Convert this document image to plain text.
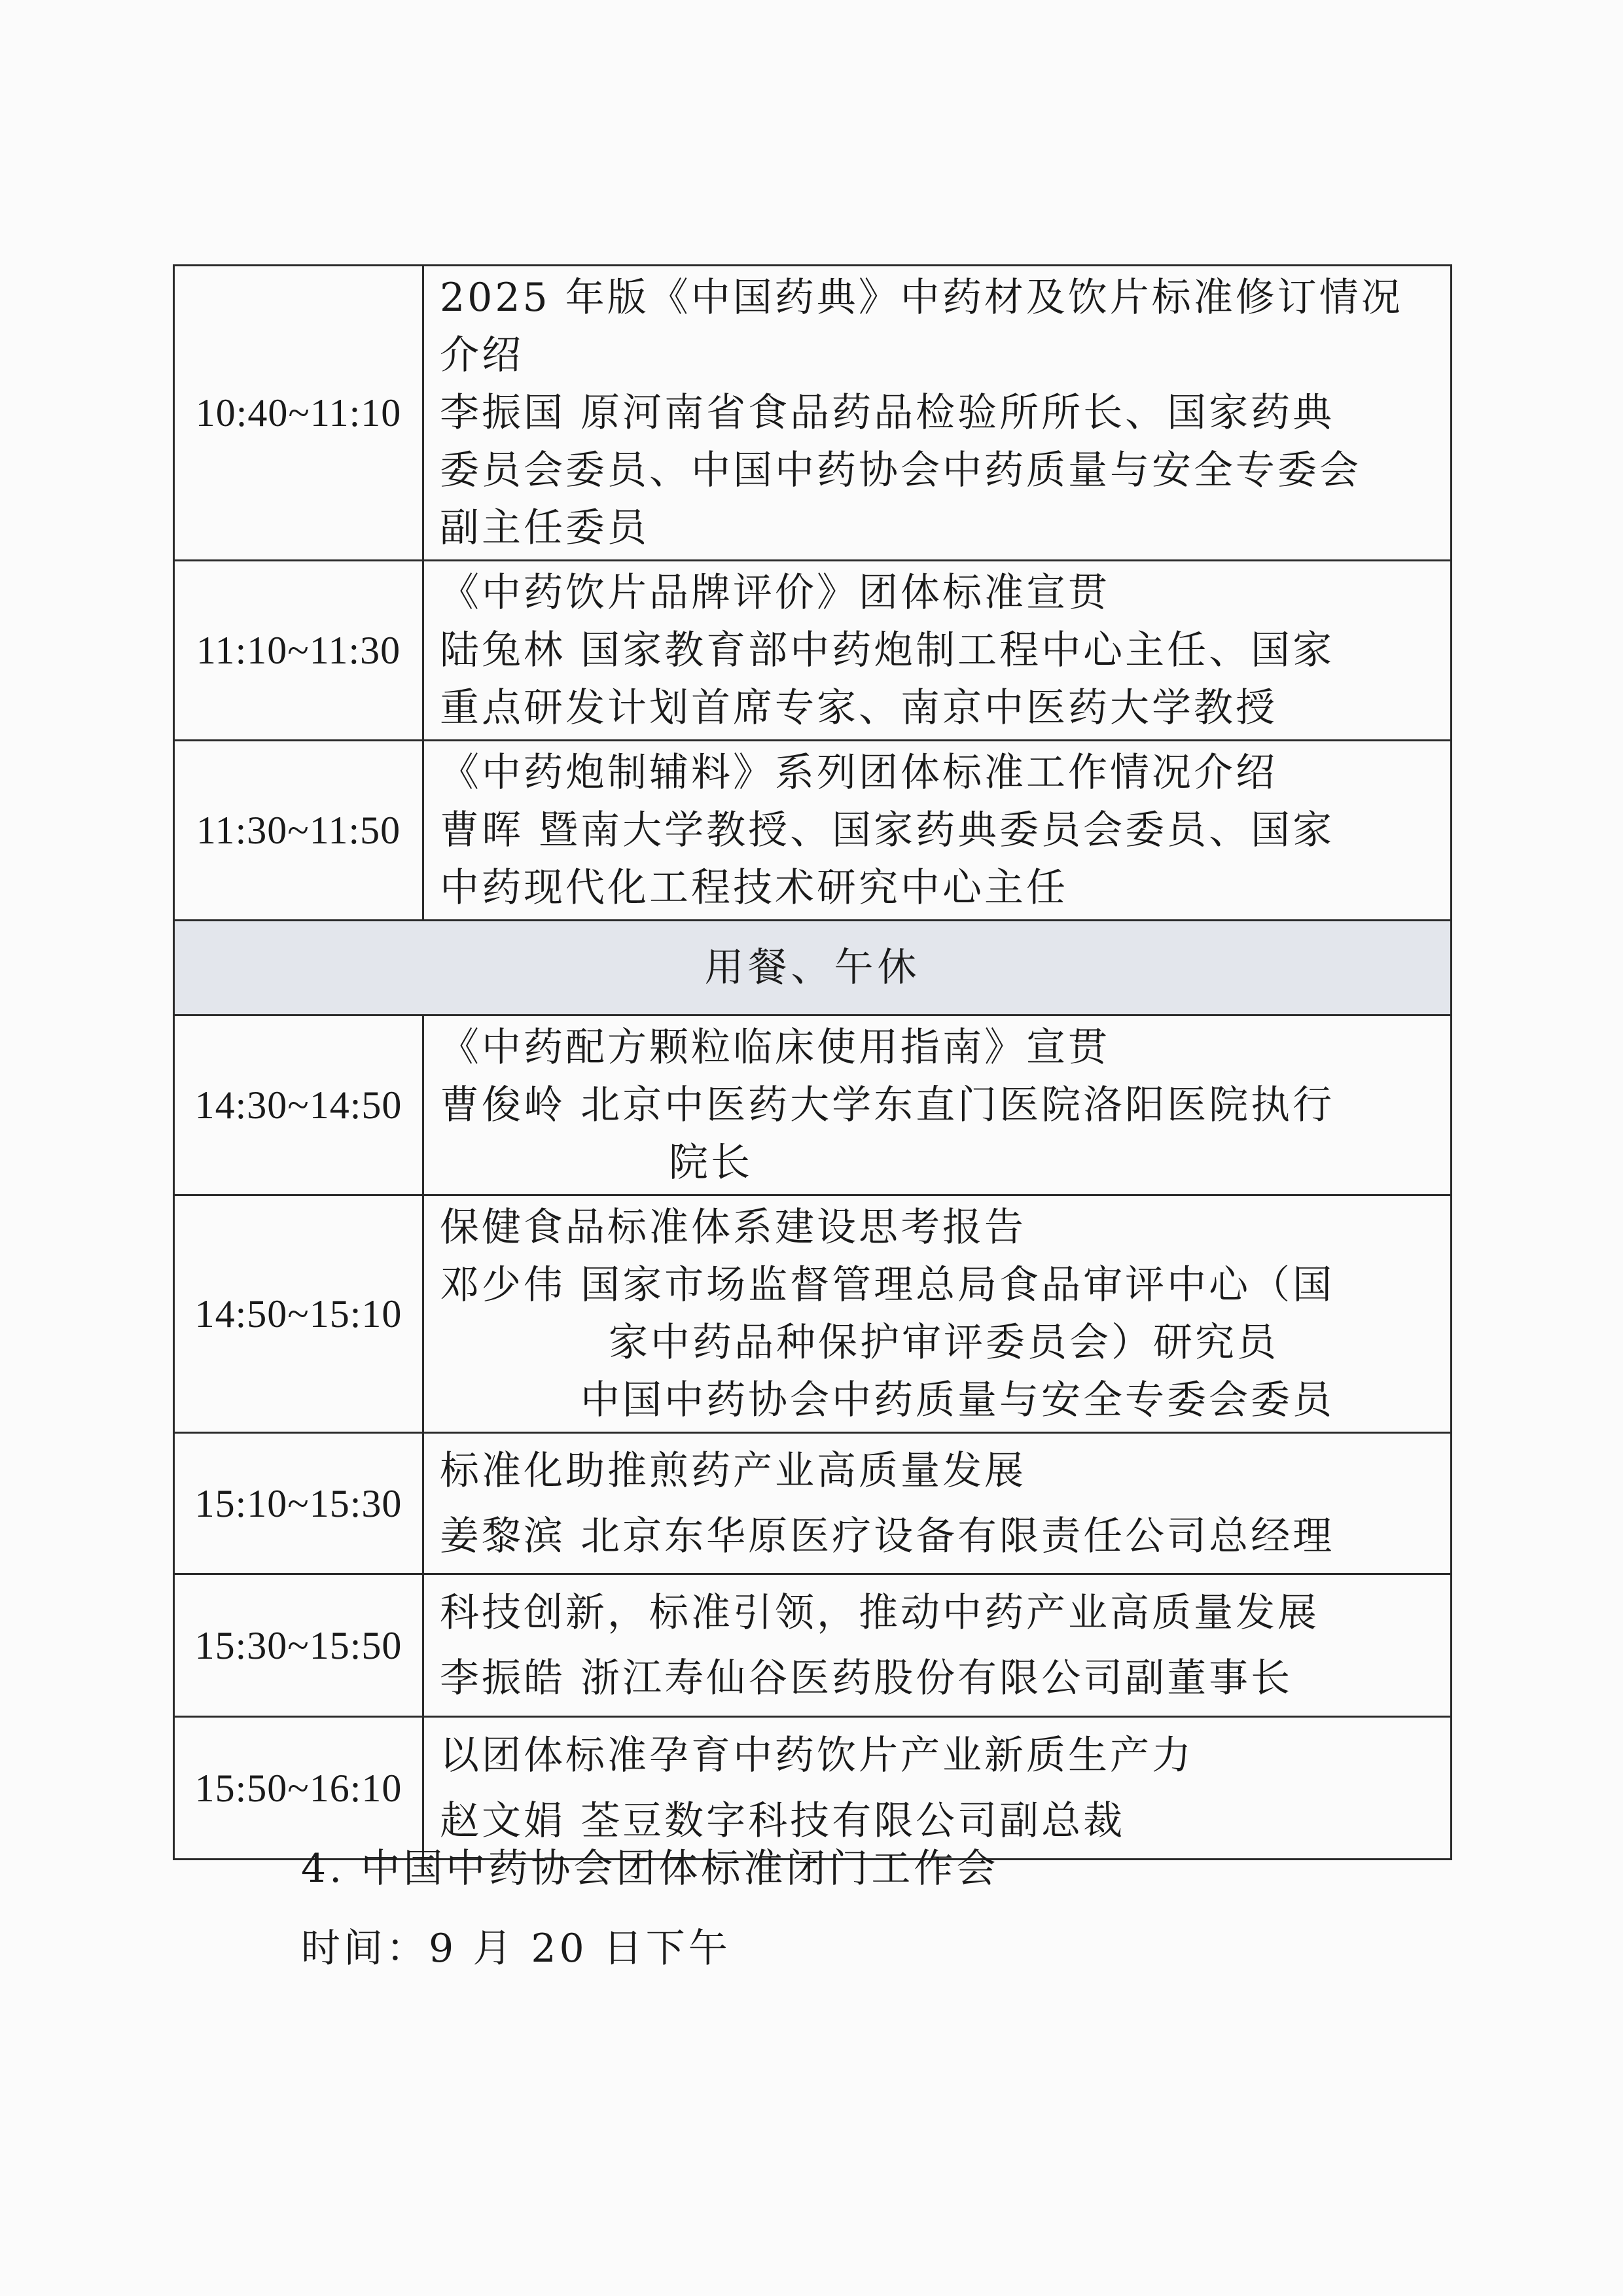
10:40~11:10	2025 年版《中国药典》中药材及饮片标准修订情况
介绍
李振国 原河南省食品药品检验所所长、国家药典
委员会委员、中国中药协会中药质量与安全专委会
副主任委员

11:10~11:30	《中药饮片品牌评价》团体标准宣贯
陆兔林 国家教育部中药炮制工程中心主任、国家
重点研发计划首席专家、南京中医药大学教授

11:30~11:50	《中药炮制辅料》系列团体标准工作情况介绍
曹晖 暨南大学教授、国家药典委员会委员、国家
中药现代化工程技术研究中心主任

用餐、午休	
14:30~14:50	《中药配方颗粒临床使用指南》宣贯
曹俊岭 北京中医药大学东直门医院洛阳医院执行
院长

14:50~15:10	保健食品标准体系建设思考报告
邓少伟 国家市场监督管理总局食品审评中心（国
家中药品种保护审评委员会）研究员
中国中药协会中药质量与安全专委会委员

15:10~15:30	标准化助推煎药产业高质量发展
姜黎滨 北京东华原医疗设备有限责任公司总经理

15:30~15:50	科技创新，标准引领，推动中药产业高质量发展
李振皓 浙江寿仙谷医药股份有限公司副董事长

15:50~16:10	以团体标准孕育中药饮片产业新质生产力
赵文娟 荃豆数字科技有限公司副总裁
4. 中国中药协会团体标准闭门工作会
时间：9 月 20 日下午
